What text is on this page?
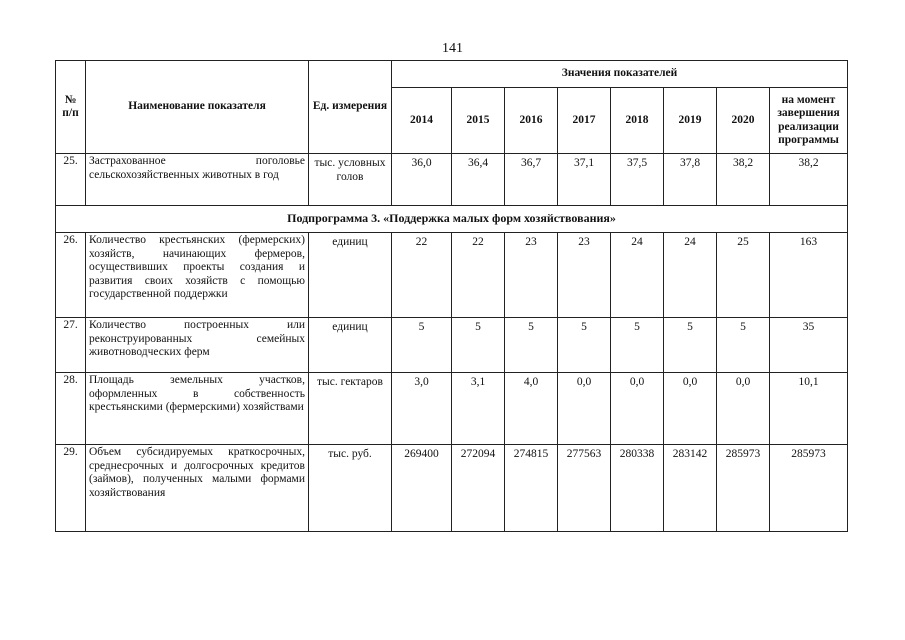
141
№ п/п	Наименование показателя	Ед. измерения	Значения показателей							
			2014	2015	2016	2017	2018	2019	2020	на момент завершения реализации программы
25.	Застрахованное поголовье сельскохозяйственных животных в год	тыс. условных голов	36,0	36,4	36,7	37,1	37,5	37,8	38,2	38,2
Подпрограмма 3. «Поддержка малых форм хозяйствования»										
26.	Количество крестьянских (фермерских) хозяйств, начинающих фермеров, осуществивших проекты создания и развития своих хозяйств с помощью государственной поддержки	единиц	22	22	23	23	24	24	25	163
27.	Количество построенных или реконструированных семейных животноводческих ферм	единиц	5	5	5	5	5	5	5	35
28.	Площадь земельных участков, оформленных в собственность крестьянскими (фермерскими) хозяйствами	тыс. гектаров	3,0	3,1	4,0	0,0	0,0	0,0	0,0	10,1
29.	Объем субсидируемых краткосрочных, среднесрочных и долгосрочных кредитов (займов), полученных малыми формами хозяйствования	тыс. руб.	269400	272094	274815	277563	280338	283142	285973	285973
